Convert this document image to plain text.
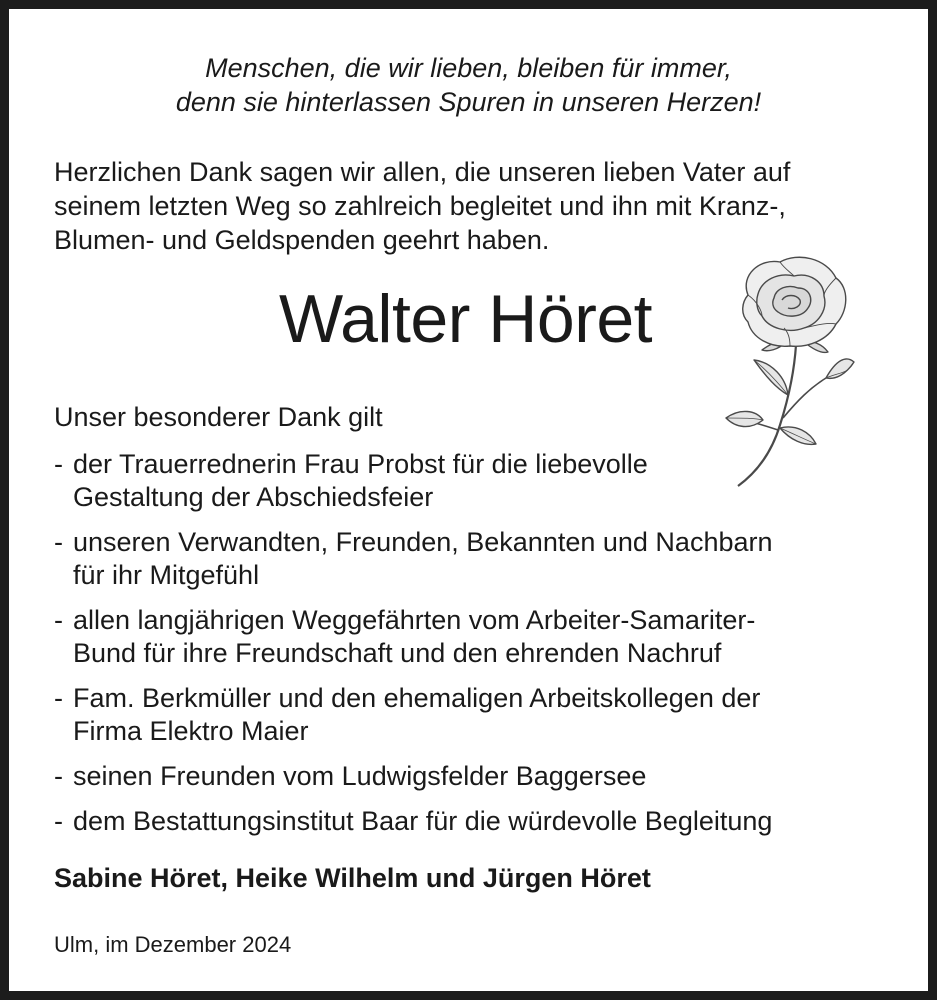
Menschen, die wir lieben, bleiben für immer,
denn sie hinterlassen Spuren in unseren Herzen!
Herzlichen Dank sagen wir allen, die unseren lieben Vater auf
seinem letzten Weg so zahlreich begleitet und ihn mit Kranz-,
Blumen- und Geldspenden geehrt haben.
Walter Höret
Unser besonderer Dank gilt
- der Trauerrednerin Frau Probst für die liebevolle
Gestaltung der Abschiedsfeier
- unseren Verwandten, Freunden, Bekannten und Nachbarn
für ihr Mitgefühl
- allen langjährigen Weggefährten vom Arbeiter-Samariter-
Bund für ihre Freundschaft und den ehrenden Nachruf
- Fam. Berkmüller und den ehemaligen Arbeitskollegen der
Firma Elektro Maier
- seinen Freunden vom Ludwigsfelder Baggersee
- dem Bestattungsinstitut Baar für die würdevolle Begleitung
Sabine Höret, Heike Wilhelm und Jürgen Höret
Ulm, im Dezember 2024
